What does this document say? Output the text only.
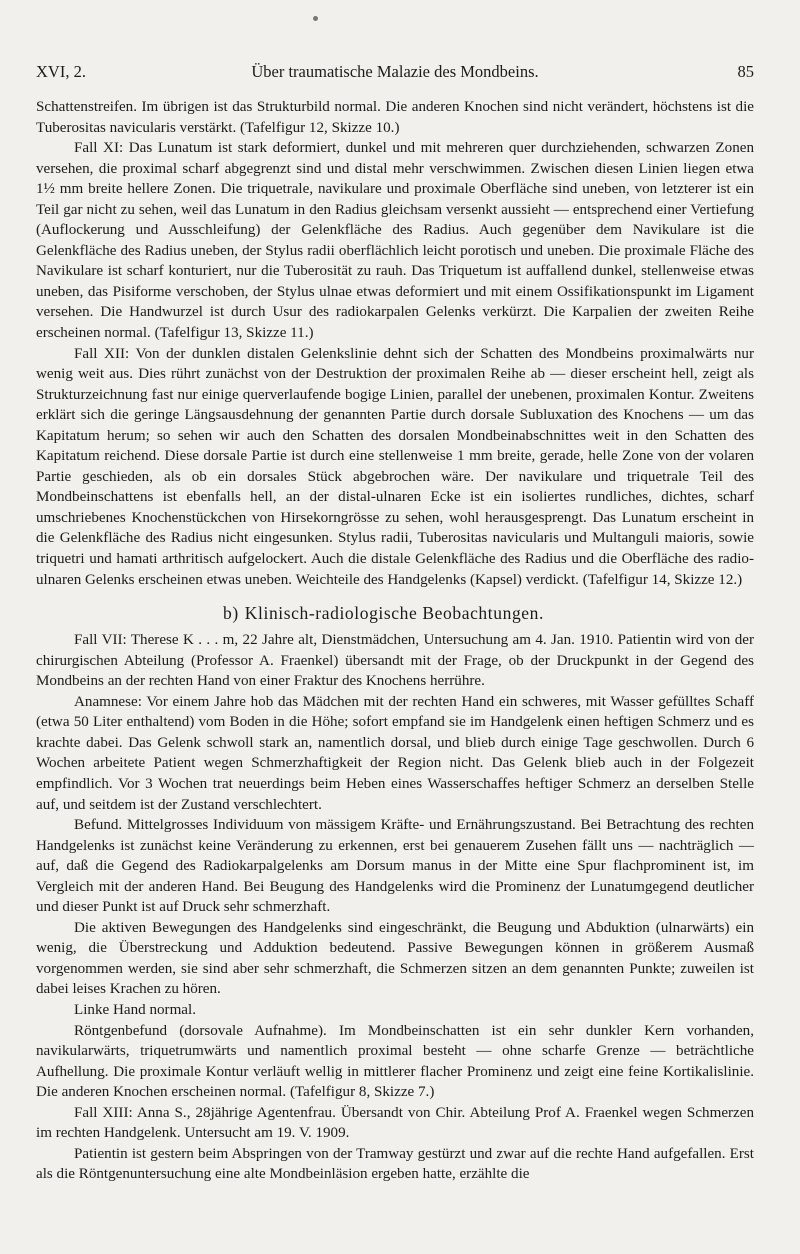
XVI, 2.	Über traumatische Malazie des Mondbeins.	85

Schattenstreifen. Im übrigen ist das Strukturbild normal. Die anderen Knochen sind nicht verändert, höchstens ist die Tuberositas navicularis verstärkt. (Tafelfigur 12, Skizze 10.)

Fall XI: Das Lunatum ist stark deformiert, dunkel und mit mehreren quer durchziehenden, schwarzen Zonen versehen, die proximal scharf abgegrenzt sind und distal mehr verschwimmen. Zwischen diesen Linien liegen etwa 1½ mm breite hellere Zonen. Die triquetrale, navikulare und proximale Oberfläche sind uneben, von letzterer ist ein Teil gar nicht zu sehen, weil das Lunatum in den Radius gleichsam versenkt aussieht — entsprechend einer Vertiefung (Auflockerung und Ausschleifung) der Gelenkfläche des Radius. Auch gegenüber dem Navikulare ist die Gelenkfläche des Radius uneben, der Stylus radii oberflächlich leicht porotisch und uneben. Die proximale Fläche des Navikulare ist scharf konturiert, nur die Tuberosität zu rauh. Das Triquetum ist auffallend dunkel, stellenweise etwas uneben, das Pisiforme verschoben, der Stylus ulnae etwas deformiert und mit einem Ossifikationspunkt im Ligament versehen. Die Handwurzel ist durch Usur des radiokarpalen Gelenks verkürzt. Die Karpalien der zweiten Reihe erscheinen normal. (Tafelfigur 13, Skizze 11.)

Fall XII: Von der dunklen distalen Gelenkslinie dehnt sich der Schatten des Mondbeins proximalwärts nur wenig weit aus. Dies rührt zunächst von der Destruktion der proximalen Reihe ab — dieser erscheint hell, zeigt als Strukturzeichnung fast nur einige querverlaufende bogige Linien, parallel der unebenen, proximalen Kontur. Zweitens erklärt sich die geringe Längsausdehnung der genannten Partie durch dorsale Subluxation des Knochens — um das Kapitatum herum; so sehen wir auch den Schatten des dorsalen Mondbeinabschnittes weit in den Schatten des Kapitatum reichend. Diese dorsale Partie ist durch eine stellenweise 1 mm breite, gerade, helle Zone von der volaren Partie geschieden, als ob ein dorsales Stück abgebrochen wäre. Der navikulare und triquetrale Teil des Mondbeinschattens ist ebenfalls hell, an der distal-ulnaren Ecke ist ein isoliertes rundliches, dichtes, scharf umschriebenes Knochenstückchen von Hirsekorngrösse zu sehen, wohl herausgesprengt. Das Lunatum erscheint in die Gelenkfläche des Radius nicht eingesunken. Stylus radii, Tuberositas navicularis und Multanguli maioris, sowie triquetri und hamati arthritisch aufgelockert. Auch die distale Gelenkfläche des Radius und die Oberfläche des radio-ulnaren Gelenks erscheinen etwas uneben. Weichteile des Handgelenks (Kapsel) verdickt. (Tafelfigur 14, Skizze 12.)

b) Klinisch-radiologische Beobachtungen.

Fall VII: Therese K . . . m, 22 Jahre alt, Dienstmädchen, Untersuchung am 4. Jan. 1910. Patientin wird von der chirurgischen Abteilung (Professor A. Fraenkel) übersandt mit der Frage, ob der Druckpunkt in der Gegend des Mondbeins an der rechten Hand von einer Fraktur des Knochens herrühre.

Anamnese: Vor einem Jahre hob das Mädchen mit der rechten Hand ein schweres, mit Wasser gefülltes Schaff (etwa 50 Liter enthaltend) vom Boden in die Höhe; sofort empfand sie im Handgelenk einen heftigen Schmerz und es krachte dabei. Das Gelenk schwoll stark an, namentlich dorsal, und blieb durch einige Tage geschwollen. Durch 6 Wochen arbeitete Patient wegen Schmerzhaftigkeit der Region nicht. Das Gelenk blieb auch in der Folgezeit empfindlich. Vor 3 Wochen trat neuerdings beim Heben eines Wasserschaffes heftiger Schmerz an derselben Stelle auf, und seitdem ist der Zustand verschlechtert.

Befund. Mittelgrosses Individuum von mässigem Kräfte- und Ernährungszustand. Bei Betrachtung des rechten Handgelenks ist zunächst keine Veränderung zu erkennen, erst bei genauerem Zusehen fällt uns — nachträglich — auf, daß die Gegend des Radiokarpalgelenks am Dorsum manus in der Mitte eine Spur flachprominent ist, im Vergleich mit der anderen Hand. Bei Beugung des Handgelenks wird die Prominenz der Lunatumgegend deutlicher und dieser Punkt ist auf Druck sehr schmerzhaft.

Die aktiven Bewegungen des Handgelenks sind eingeschränkt, die Beugung und Abduktion (ulnarwärts) ein wenig, die Überstreckung und Adduktion bedeutend. Passive Bewegungen können in größerem Ausmaß vorgenommen werden, sie sind aber sehr schmerzhaft, die Schmerzen sitzen an dem genannten Punkte; zuweilen ist dabei leises Krachen zu hören.

Linke Hand normal.

Röntgenbefund (dorsovale Aufnahme). Im Mondbeinschatten ist ein sehr dunkler Kern vorhanden, navikularwärts, triquetrumwärts und namentlich proximal besteht — ohne scharfe Grenze — beträchtliche Aufhellung. Die proximale Kontur verläuft wellig in mittlerer flacher Prominenz und zeigt eine feine Kortikalislinie. Die anderen Knochen erscheinen normal. (Tafelfigur 8, Skizze 7.)

Fall XIII: Anna S., 28jährige Agentenfrau. Übersandt von Chir. Abteilung Prof A. Fraenkel wegen Schmerzen im rechten Handgelenk. Untersucht am 19. V. 1909.

Patientin ist gestern beim Abspringen von der Tramway gestürzt und zwar auf die rechte Hand aufgefallen. Erst als die Röntgenuntersuchung eine alte Mondbeinläsion ergeben hatte, erzählte die
